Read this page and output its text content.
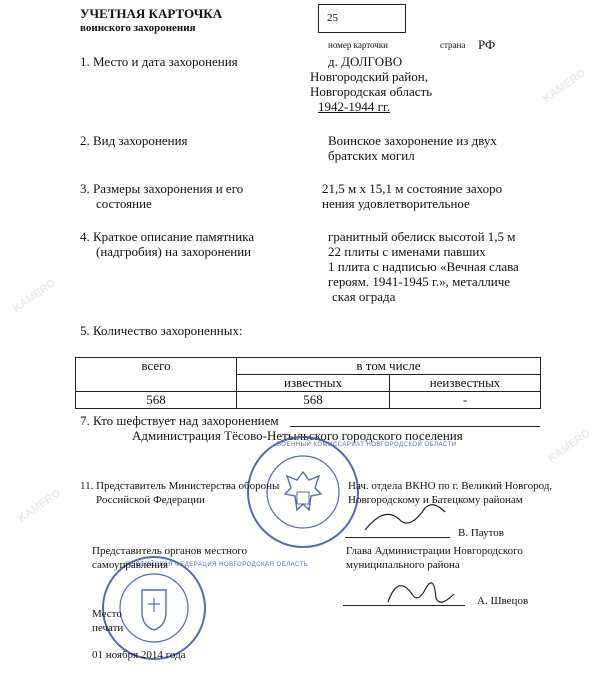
KAMERO
KAMERO
KAMERO
KAMERO
УЧЕТНАЯ КАРТОЧКА
воинского захоронения
25
номер карточки	страна РФ
1. Место и дата захоронения	д. ДОЛГОВО
Новгородский район,
Новгородская область
1942-1944 гг.
2. Вид захоронения	Воинское захоронение из двух
братских могил
3. Размеры захоронения и его
состояние
21,5 м х 15,1 м состояние захоро
нения удовлетворительное
4. Краткое описание памятника
(надгробия) на захоронении
гранитный обелиск высотой 1,5 м
22 плиты с именами павших
1 плита с надписью «Вечная слава
героям. 1941-1945 г.», металличе
ская ограда
5. Количество захороненных:
всего	в том числе	
	известных	неизвестных
568	568	-
7. Кто шефствует над захоронением
Администрация Тёсово-Нетыльского городского поселения
ВОЕННЫЙ КОМИССАРИАТ НОВГОРОДСКОЙ ОБЛАСТИ
РОССИЙСКАЯ ФЕДЕРАЦИЯ НОВГОРОДСКАЯ ОБЛАСТЬ
11. Представитель Министерства обороны
Российской Федерации
Нач. отдела ВКНО по г. Великий Новгород,
Новгородскому и Батецкому районам
В. Паутов
Представитель органов местного
самоуправления
Глава Администрации Новгородского
муниципального района
А. Швецов
Место
печати
01 ноября 2014 года
